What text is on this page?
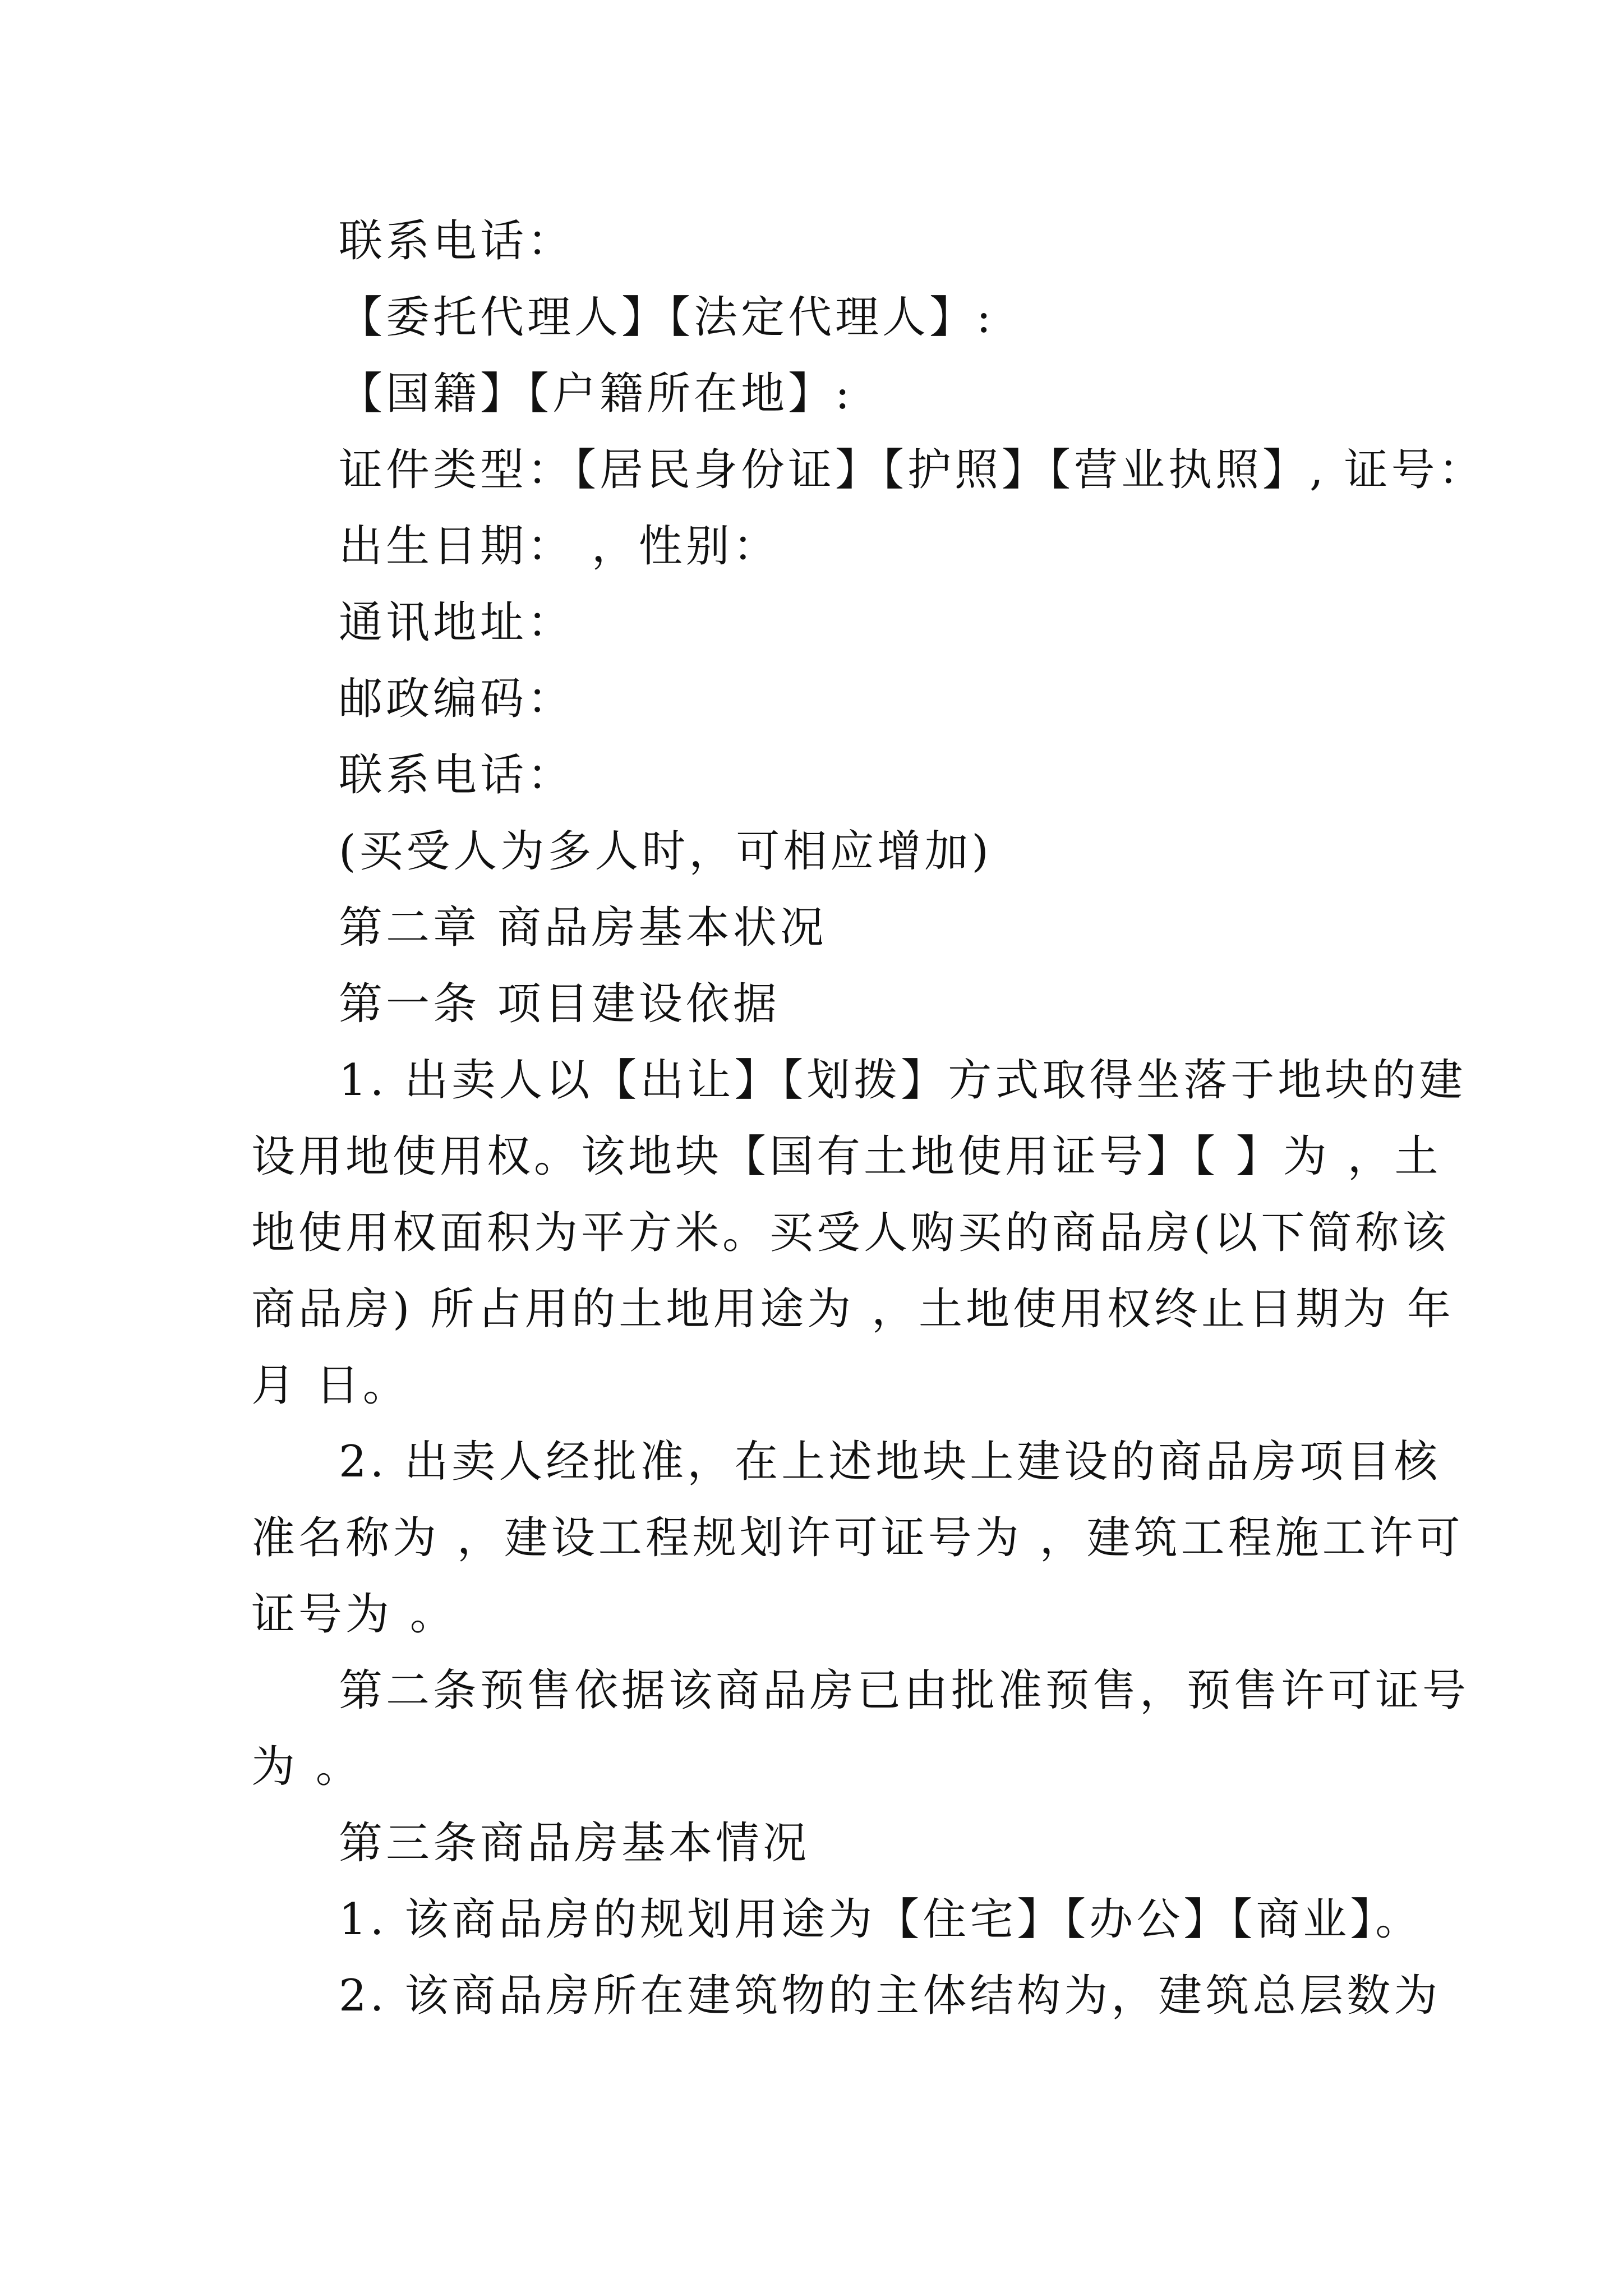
联系电话：

【委托代理人】【法定代理人】:

【国籍】【户籍所在地】:

证件类型：【居民身份证】【护照】【营业执照】, 证号：

出生日期： ，性别：

通讯地址：

邮政编码：

联系电话：

(买受人为多人时，可相应增加)

第二章 商品房基本状况

第一条 项目建设依据

1. 出卖人以【出让】【划拨】方式取得坐落于地块的建

设用地使用权。该地块【国有土地使用证号】【 】为 ，土

地使用权面积为平方米。买受人购买的商品房(以下简称该

商品房) 所占用的土地用途为 ，土地使用权终止日期为 年

月 日。

2. 出卖人经批准，在上述地块上建设的商品房项目核

准名称为 ，建设工程规划许可证号为 ，建筑工程施工许可

证号为 。

第二条预售依据该商品房已由批准预售，预售许可证号

为 。

第三条商品房基本情况

1. 该商品房的规划用途为【住宅】【办公】【商业】。

2. 该商品房所在建筑物的主体结构为，建筑总层数为
